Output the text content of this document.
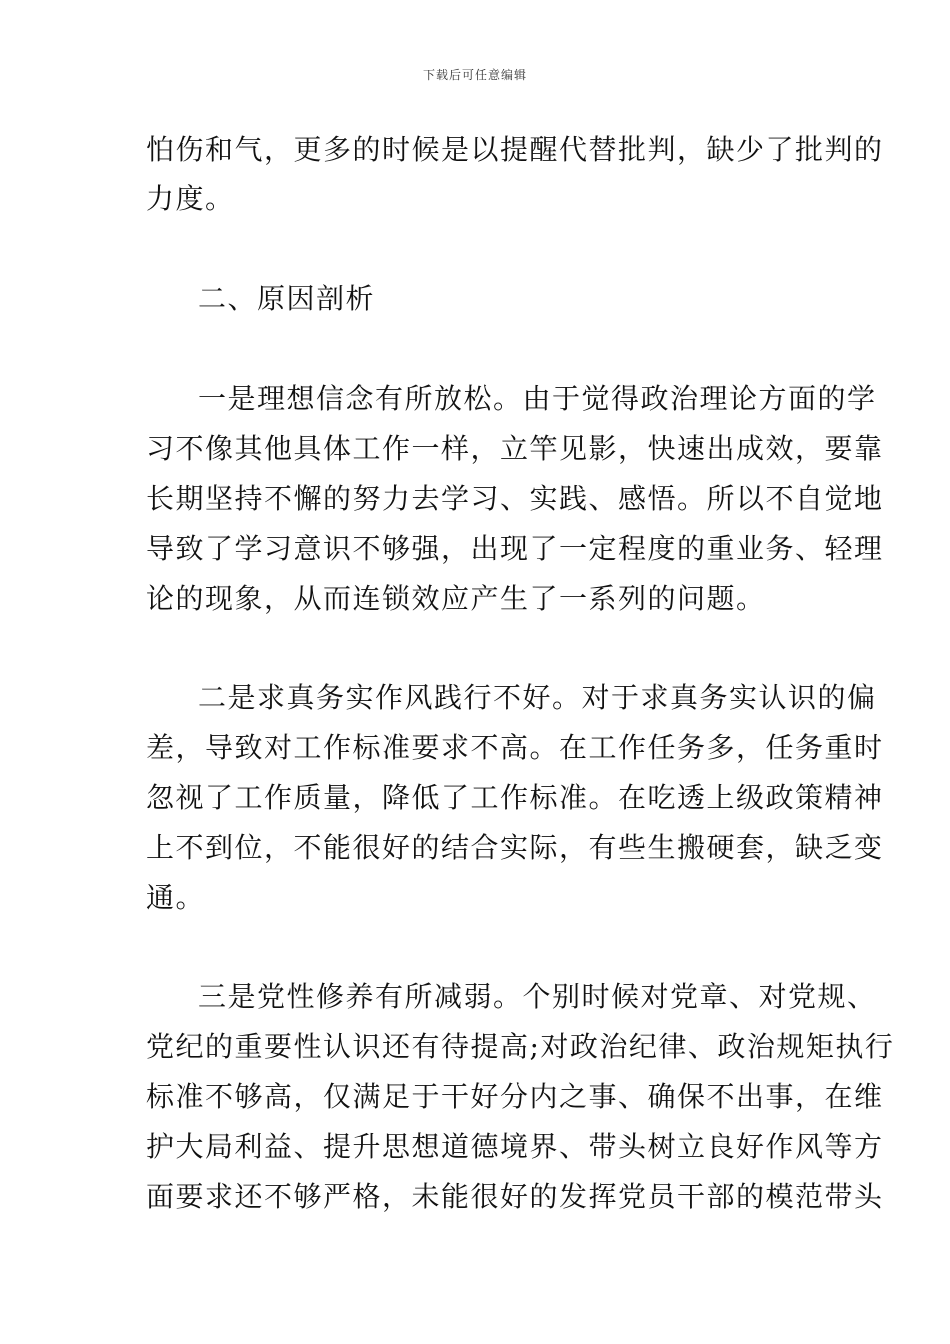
下载后可任意编辑
怕伤和气，更多的时候是以提醒代替批判，缺少了批判的
力度。
二、原因剖析
一是理想信念有所放松。由于觉得政治理论方面的学
习不像其他具体工作一样，立竿见影，快速出成效，要靠
长期坚持不懈的努力去学习、实践、感悟。所以不自觉地
导致了学习意识不够强，出现了一定程度的重业务、轻理
论的现象，从而连锁效应产生了一系列的问题。
二是求真务实作风践行不好。对于求真务实认识的偏
差，导致对工作标准要求不高。在工作任务多，任务重时
忽视了工作质量，降低了工作标准。在吃透上级政策精神
上不到位，不能很好的结合实际，有些生搬硬套，缺乏变
通。
三是党性修养有所减弱。个别时候对党章、对党规、
党纪的重要性认识还有待提高;对政治纪律、政治规矩执行
标准不够高，仅满足于干好分内之事、确保不出事，在维
护大局利益、提升思想道德境界、带头树立良好作风等方
面要求还不够严格，未能很好的发挥党员干部的模范带头
